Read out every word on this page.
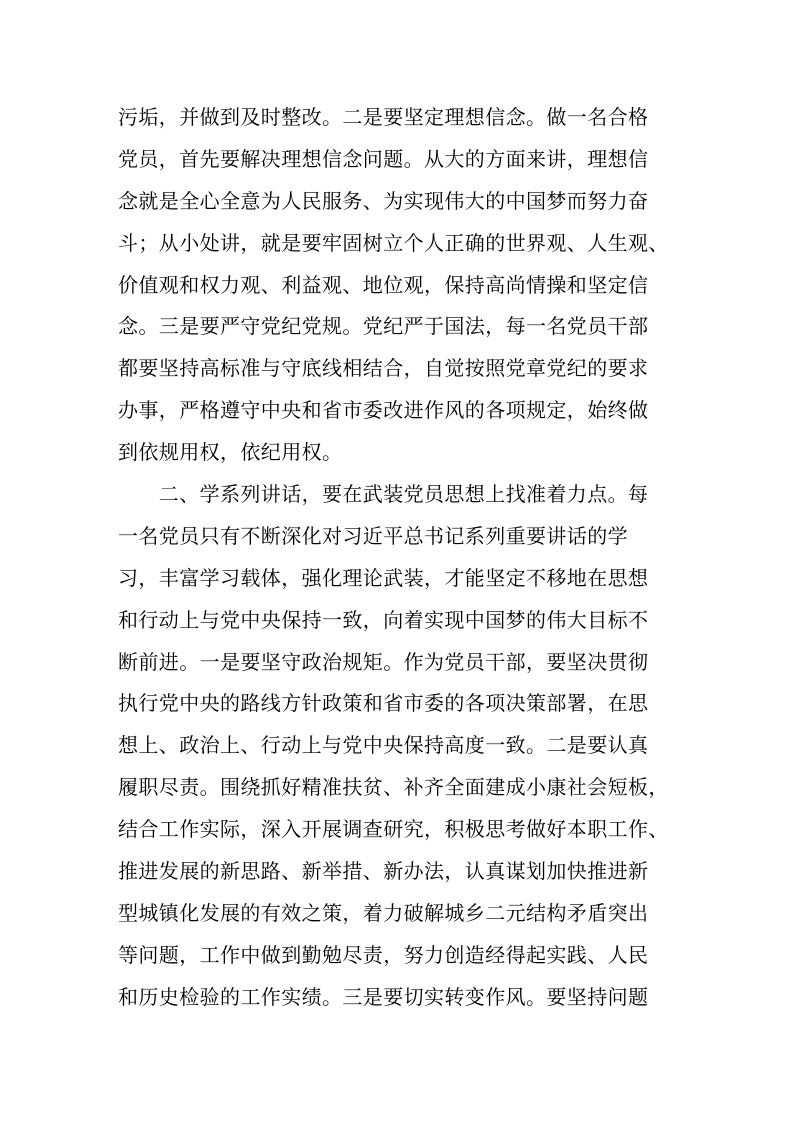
污垢，并做到及时整改。二是要坚定理想信念。做一名合格
党员，首先要解决理想信念问题。从大的方面来讲，理想信
念就是全心全意为人民服务、为实现伟大的中国梦而努力奋
斗；从小处讲，就是要牢固树立个人正确的世界观、人生观、
价值观和权力观、利益观、地位观，保持高尚情操和坚定信
念。三是要严守党纪党规。党纪严于国法，每一名党员干部
都要坚持高标准与守底线相结合，自觉按照党章党纪的要求
办事，严格遵守中央和省市委改进作风的各项规定，始终做
到依规用权，依纪用权。
　　二、学系列讲话，要在武装党员思想上找准着力点。每
一名党员只有不断深化对习近平总书记系列重要讲话的学
习，丰富学习载体，强化理论武装，才能坚定不移地在思想
和行动上与党中央保持一致，向着实现中国梦的伟大目标不
断前进。一是要坚守政治规矩。作为党员干部，要坚决贯彻
执行党中央的路线方针政策和省市委的各项决策部署，在思
想上、政治上、行动上与党中央保持高度一致。二是要认真
履职尽责。围绕抓好精准扶贫、补齐全面建成小康社会短板，
结合工作实际，深入开展调查研究，积极思考做好本职工作、
推进发展的新思路、新举措、新办法，认真谋划加快推进新
型城镇化发展的有效之策，着力破解城乡二元结构矛盾突出
等问题，工作中做到勤勉尽责，努力创造经得起实践、人民
和历史检验的工作实绩。三是要切实转变作风。要坚持问题
